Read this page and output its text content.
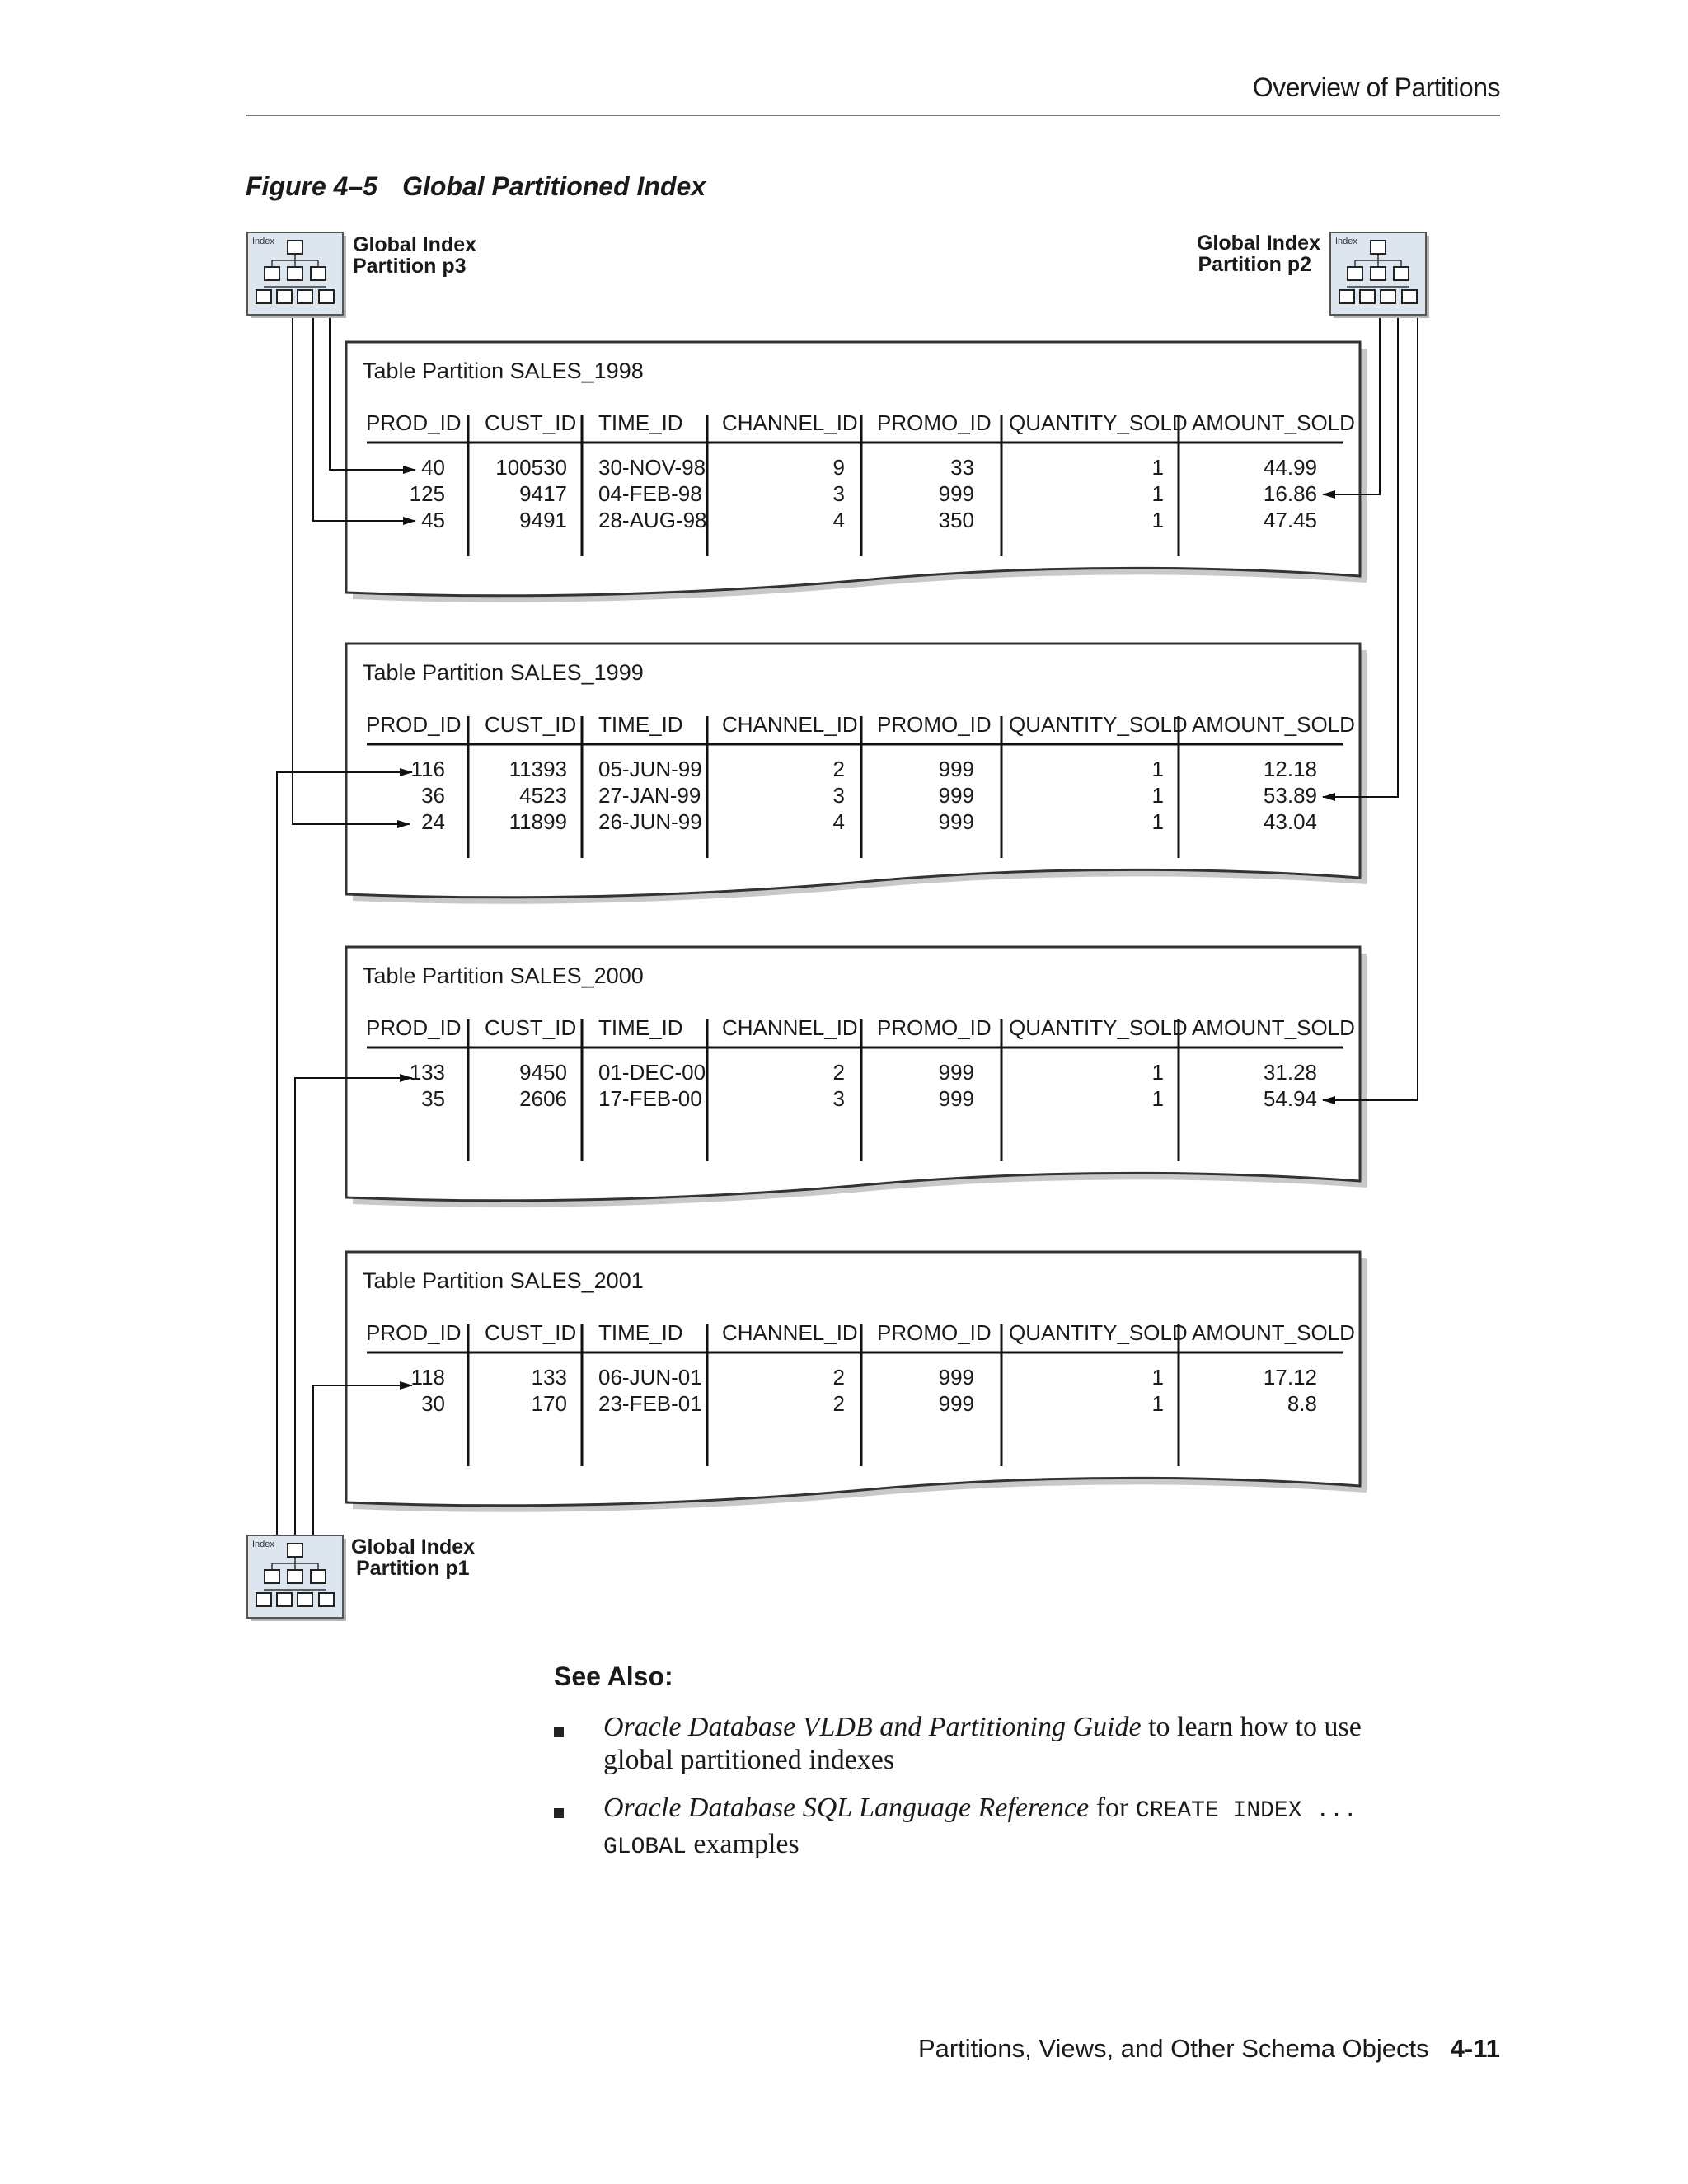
Overview of Partitions
Figure 4–5 Global Partitioned Index
Index	Index
Index
Table Partition SALES_1998
PROD_ID CUST_ID TIME_ID CHANNEL_ID PROMO_ID QUANTITY_SOLD AMOUNT_SOLD
40 100530 30-NOV-98	9	33	1	44.99
125	9417 04-FEB-98	3	999	1	16.86
45	9491 28-AUG-98	4	350	1	47.45
Table Partition SALES_1999
PROD_ID CUST_ID TIME_ID CHANNEL_ID PROMO_ID QUANTITY_SOLD AMOUNT_SOLD
116	11393 05-JUN-99	2	999	1	12.18
36	4523 27-JAN-99	3	999	1	53.89
24	11899 26-JUN-99	4	999	1	43.04
Table Partition SALES_2000
PROD_ID CUST_ID TIME_ID CHANNEL_ID PROMO_ID QUANTITY_SOLD AMOUNT_SOLD
133	9450 01-DEC-00	2	999	1	31.28
35	2606 17-FEB-00	3	999	1	54.94
Table Partition SALES_2001
PROD_ID CUST_ID TIME_ID CHANNEL_ID PROMO_ID QUANTITY_SOLD AMOUNT_SOLD
118	133 06-JUN-01	2	999	1	17.12
30	170 23-FEB-01	2	999	1	8.8
Global Index
Partition p3
Global Index
Partition p2
Global Index
Partition p1
See Also:
Oracle Database VLDB and Partitioning Guide to learn how to use global partitioned indexes
Oracle Database SQL Language Reference for CREATE INDEX ...
GLOBAL examples
Partitions, Views, and Other Schema Objects 4-11
